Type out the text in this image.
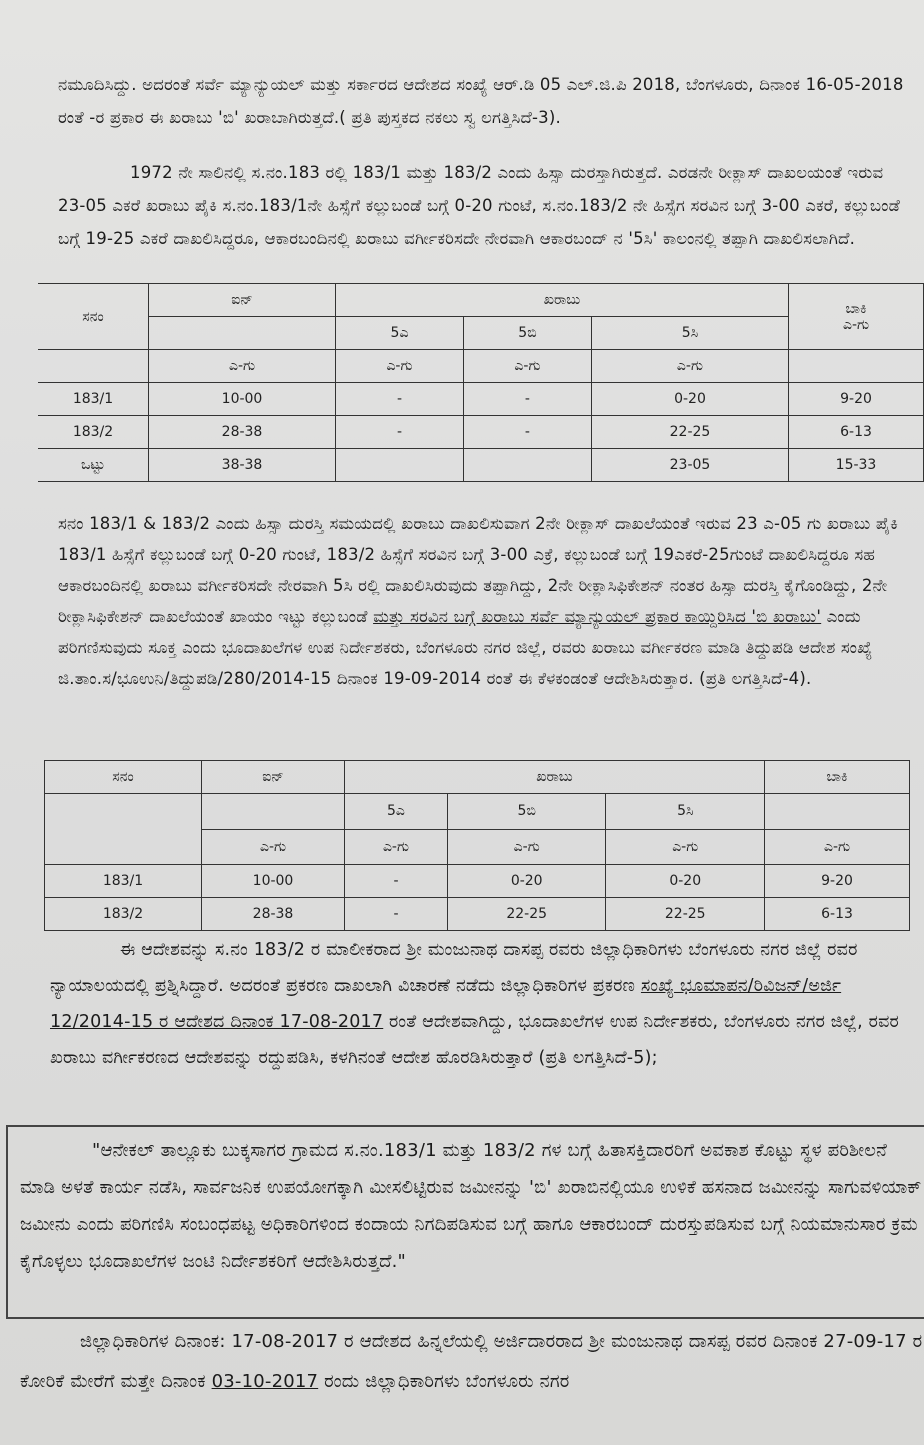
ನಮೂದಿಸಿದ್ದು. ಅದರಂತೆ ಸರ್ವೆ ಮ್ಯಾನ್ಯುಯಲ್ ಮತ್ತು ಸರ್ಕಾರದ ಆದೇಶದ ಸಂಖ್ಯೆ ಆರ್.ಡಿ 05 ಎಲ್.ಜಿ.ಪಿ 2018, ಬೆಂಗಳೂರು, ದಿನಾಂಕ 16-05-2018 ರಂತೆ -ರ ಪ್ರಕಾರ ಈ ಖರಾಬು 'ಬಿ' ಖರಾಬಾಗಿರುತ್ತದೆ.( ಪ್ರತಿ ಪುಸ್ತಕದ ನಕಲು ಸ್ವ ಲಗತ್ತಿಸಿದೆ-3).
1972 ನೇ ಸಾಲಿನಲ್ಲಿ ಸ.ನಂ.183 ರಲ್ಲಿ 183/1 ಮತ್ತು 183/2 ಎಂದು ಹಿಸ್ಸಾ ದುರಸ್ತಾಗಿರುತ್ತದೆ. ಎರಡನೇ ರೀಕ್ಲಾಸ್ ದಾಖಲಯಂತೆ ಇರುವ 23-05 ಎಕರೆ ಖರಾಬು ಪೈಕಿ ಸ.ನಂ.183/1ನೇ ಹಿಸ್ಸೆಗೆ ಕಲ್ಲುಬಂಡೆ ಬಗ್ಗೆ 0-20 ಗುಂಟೆ, ಸ.ನಂ.183/2 ನೇ ಹಿಸ್ಸೆಗ ಸರವಿನ ಬಗ್ಗೆ 3-00 ಎಕರೆ, ಕಲ್ಲುಬಂಡೆ ಬಗ್ಗೆ 19-25 ಎಕರೆ ದಾಖಲಿಸಿದ್ದರೂ, ಆಕಾರಬಂದಿನಲ್ಲಿ ಖರಾಬು ವರ್ಗೀಕರಿಸದೇ ನೇರವಾಗಿ ಆಕಾರಬಂದ್ ನ '5ಸಿ' ಕಾಲಂನಲ್ಲಿ ತಪ್ಪಾಗಿ ದಾಖಲಿಸಲಾಗಿದೆ.
ಸನಂ	ಐನ್	ಖರಾಬು			ಬಾಕಿ
ಎ-ಗು

		5ಎ	5ಬಿ	5ಸಿ	
	ಎ-ಗು	ಎ-ಗು	ಎ-ಗು	ಎ-ಗು	
183/1	10-00	-	-	0-20	9-20
183/2	28-38	-	-	22-25	6-13
ಒಟ್ಟು	38-38			23-05	15-33
ಸನಂ 183/1 & 183/2 ಎಂದು ಹಿಸ್ಸಾ ದುರಸ್ತಿ ಸಮಯದಲ್ಲಿ ಖರಾಬು ದಾಖಲಿಸುವಾಗ 2ನೇ ರೀಕ್ಲಾಸ್ ದಾಖಲೆಯಂತೆ ಇರುವ 23 ಎ-05 ಗು ಖರಾಬು ಪೈಕಿ 183/1 ಹಿಸ್ಸೆಗೆ ಕಲ್ಲುಬಂಡೆ ಬಗ್ಗೆ 0-20 ಗುಂಟೆ, 183/2 ಹಿಸ್ಸೆಗೆ ಸರವಿನ ಬಗ್ಗೆ 3-00 ಎಕ್ರೆ, ಕಲ್ಲುಬಂಡೆ ಬಗ್ಗೆ 19ಎಕರೆ-25ಗುಂಟೆ ದಾಖಲಿಸಿದ್ದರೂ ಸಹ ಆಕಾರಬಂದಿನಲ್ಲಿ ಖರಾಬು ವರ್ಗೀಕರಿಸದೇ ನೇರವಾಗಿ 5ಸಿ ರಲ್ಲಿ ದಾಖಲಿಸಿರುವುದು ತಪ್ಪಾಗಿದ್ದು, 2ನೇ ರೀಕ್ಲಾಸಿಫಿಕೇಶನ್ ನಂತರ ಹಿಸ್ಸಾ ದುರಸ್ತಿ ಕೈಗೊಂಡಿದ್ದು, 2ನೇ ರೀಕ್ಲಾಸಿಫಿಕೇಶನ್ ದಾಖಲೆಯಂತೆ ಖಾಯಂ ಇಟ್ಟು ಕಲ್ಲುಬಂಡೆ ಮತ್ತು ಸರವಿನ ಬಗ್ಗೆ ಖರಾಬು ಸರ್ವೆ ಮ್ಯಾನ್ಯುಯಲ್ ಪ್ರಕಾರ ಕಾಯ್ದಿರಿಸಿದ 'ಬಿ ಖರಾಬು' ಎಂದು ಪರಿಗಣಿಸುವುದು ಸೂಕ್ತ ಎಂದು ಭೂದಾಖಲೆಗಳ ಉಪ ನಿರ್ದೇಶಕರು, ಬೆಂಗಳೂರು ನಗರ ಜಿಲ್ಲೆ, ರವರು ಖರಾಬು ವರ್ಗೀಕರಣ ಮಾಡಿ ತಿದ್ದುಪಡಿ ಆದೇಶ ಸಂಖ್ಯೆ ಜಿ.ತಾಂ.ಸ/ಭೂಉನಿ/ತಿದ್ದುಪಡಿ/280/2014-15 ದಿನಾಂಕ 19-09-2014 ರಂತೆ ಈ ಕೆಳಕಂಡಂತೆ ಆದೇಶಿಸಿರುತ್ತಾರ. (ಪ್ರತಿ ಲಗತ್ತಿಸಿದೆ-4).
ಸನಂ	ಐನ್	ಖರಾಬು			ಬಾಕಿ
		5ಎ	5ಬಿ	5ಸಿ	
	ಎ-ಗು	ಎ-ಗು	ಎ-ಗು	ಎ-ಗು	ಎ-ಗು
183/1	10-00	-	0-20	0-20	9-20
183/2	28-38	-	22-25	22-25	6-13
ಈ ಆದೇಶವನ್ನು ಸ.ನಂ 183/2 ರ ಮಾಲೀಕರಾದ ಶ್ರೀ ಮಂಜುನಾಥ ದಾಸಪ್ಪ ರವರು ಜಿಲ್ಲಾಧಿಕಾರಿಗಳು ಬೆಂಗಳೂರು ನಗರ ಜಿಲ್ಲೆ ರವರ ನ್ಯಾಯಾಲಯದಲ್ಲಿ ಪ್ರಶ್ನಿಸಿದ್ದಾರೆ. ಅದರಂತೆ ಪ್ರಕರಣ ದಾಖಲಾಗಿ ವಿಚಾರಣೆ ನಡೆದು ಜಿಲ್ಲಾಧಿಕಾರಿಗಳ ಪ್ರಕರಣ ಸಂಖ್ಯೆ ಭೂಮಾಪನ/ರಿವಿಜನ್/ಅರ್ಜಿ 12/2014-15 ರ ಆದೇಶದ ದಿನಾಂಕ 17-08-2017 ರಂತೆ ಆದೇಶವಾಗಿದ್ದು, ಭೂದಾಖಲೆಗಳ ಉಪ ನಿರ್ದೇಶಕರು, ಬೆಂಗಳೂರು ನಗರ ಜಿಲ್ಲೆ, ರವರ ಖರಾಬು ವರ್ಗೀಕರಣದ ಆದೇಶವನ್ನು ರದ್ದುಪಡಿಸಿ, ಕಳಗಿನಂತೆ ಆದೇಶ ಹೊರಡಿಸಿರುತ್ತಾರೆ (ಪ್ರತಿ ಲಗತ್ತಿಸಿದೆ-5);
"ಆನೇಕಲ್ ತಾಲ್ಲೂಕು ಬುಕ್ಕಸಾಗರ ಗ್ರಾಮದ ಸ.ನಂ.183/1 ಮತ್ತು 183/2 ಗಳ ಬಗ್ಗೆ ಹಿತಾಸಕ್ತಿದಾರರಿಗೆ ಅವಕಾಶ ಕೊಟ್ಟು ಸ್ಥಳ ಪರಿಶೀಲನೆ ಮಾಡಿ ಅಳತೆ ಕಾರ್ಯ ನಡೆಸಿ, ಸಾರ್ವಜನಿಕ ಉಪಯೋಗಕ್ಕಾಗಿ ಮೀಸಲಿಟ್ಟಿರುವ ಜಮೀನನ್ನು 'ಬಿ' ಖರಾಬಿನಲ್ಲಿಯೂ ಉಳಿಕೆ ಹಸನಾದ ಜಮೀನನ್ನು ಸಾಗುವಳಿಯಾಕ್ ಜಮೀನು ಎಂದು ಪರಿಗಣಿಸಿ ಸಂಬಂಧಪಟ್ಟ ಅಧಿಕಾರಿಗಳಿಂದ ಕಂದಾಯ ನಿಗದಿಪಡಿಸುವ ಬಗ್ಗೆ ಹಾಗೂ ಆಕಾರಬಂದ್ ದುರಸ್ತುಪಡಿಸುವ ಬಗ್ಗೆ ನಿಯಮಾನುಸಾರ ಕ್ರಮ ಕೈಗೊಳ್ಳಲು ಭೂದಾಖಲೆಗಳ ಜಂಟಿ ನಿರ್ದೇಶಕರಿಗೆ ಆದೇಶಿಸಿರುತ್ತದೆ."
ಜಿಲ್ಲಾಧಿಕಾರಿಗಳ ದಿನಾಂಕ: 17-08-2017 ರ ಆದೇಶದ ಹಿನ್ನಲೆಯಲ್ಲಿ ಅರ್ಜಿದಾರರಾದ ಶ್ರೀ ಮಂಜುನಾಥ ದಾಸಪ್ಪ ರವರ ದಿನಾಂಕ 27-09-17 ರ ಕೋರಿಕೆ ಮೇರೆಗೆ ಮತ್ತೇ ದಿನಾಂಕ 03-10-2017 ರಂದು ಜಿಲ್ಲಾಧಿಕಾರಿಗಳು ಬೆಂಗಳೂರು ನಗರ
